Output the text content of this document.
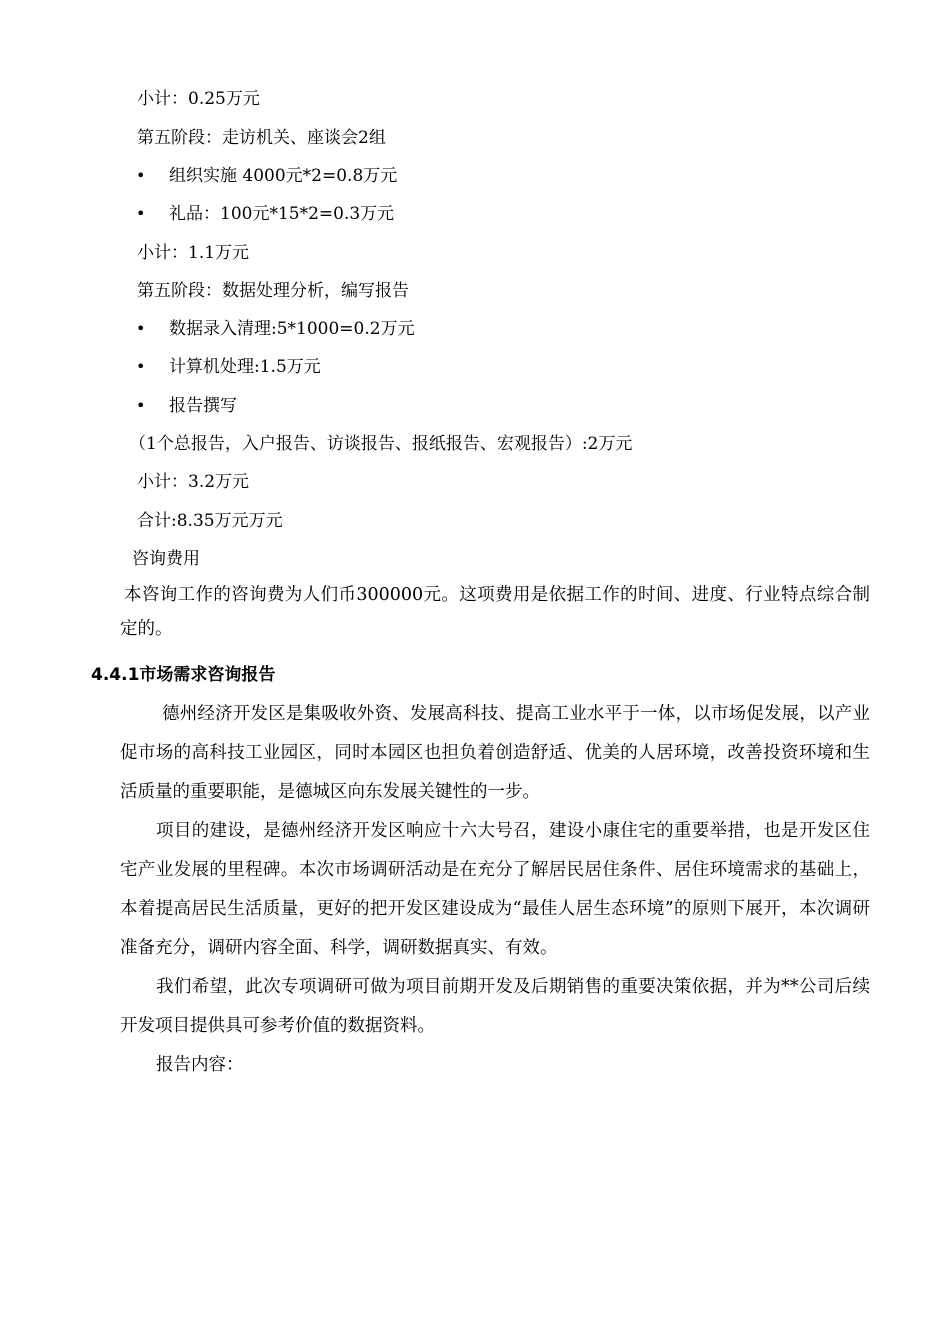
小计：0.25万元
第五阶段：走访机关、座谈会2组
• 组织实施 4000元*2=0.8万元
• 礼品：100元*15*2=0.3万元
小计：1.1万元
第五阶段：数据处理分析，编写报告
• 数据录入清理:5*1000=0.2万元
• 计算机处理:1.5万元
• 报告撰写
（1个总报告，入户报告、访谈报告、报纸报告、宏观报告）:2万元
小计：3.2万元
合计:8.35万元万元
咨询费用
本咨询工作的咨询费为人们币300000元。这项费用是依据工作的时间、进度、行业特点综合制定的。
4.4.1市场需求咨询报告
德州经济开发区是集吸收外资、发展高科技、提高工业水平于一体，以市场促发展，以产业促市场的高科技工业园区，同时本园区也担负着创造舒适、优美的人居环境，改善投资环境和生活质量的重要职能，是德城区向东发展关键性的一步。
项目的建设，是德州经济开发区响应十六大号召，建设小康住宅的重要举措，也是开发区住宅产业发展的里程碑。本次市场调研活动是在充分了解居民居住条件、居住环境需求的基础上，本着提高居民生活质量，更好的把开发区建设成为“最佳人居生态环境”的原则下展开，本次调研准备充分，调研内容全面、科学，调研数据真实、有效。
我们希望，此次专项调研可做为项目前期开发及后期销售的重要决策依据，并为**公司后续开发项目提供具可参考价值的数据资料。
报告内容：
